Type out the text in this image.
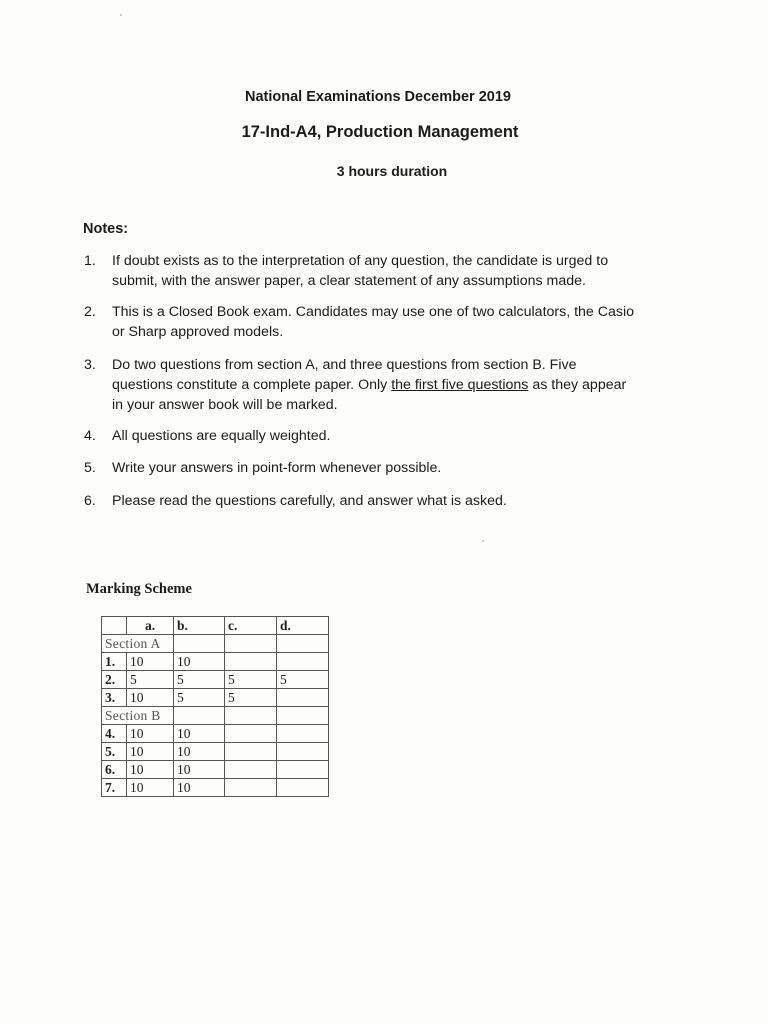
National Examinations December 2019
17-Ind-A4, Production Management
3 hours duration
Notes:
1. If doubt exists as to the interpretation of any question, the candidate is urged to
submit, with the answer paper, a clear statement of any assumptions made.
2. This is a Closed Book exam. Candidates may use one of two calculators, the Casio
or Sharp approved models.
3. Do two questions from section A, and three questions from section B. Five
questions constitute a complete paper. Only the first five questions as they appear
in your answer book will be marked.
4. All questions are equally weighted.
5. Write your answers in point-form whenever possible.
6. Please read the questions carefully, and answer what is asked.
Marking Scheme
	a.	b.	c.	d.
Section A				
1.	10	10		
2.	5	5	5	5
3.	10	5	5	
Section B				
4.	10	10		
5.	10	10		
6.	10	10		
7.	10	10		
